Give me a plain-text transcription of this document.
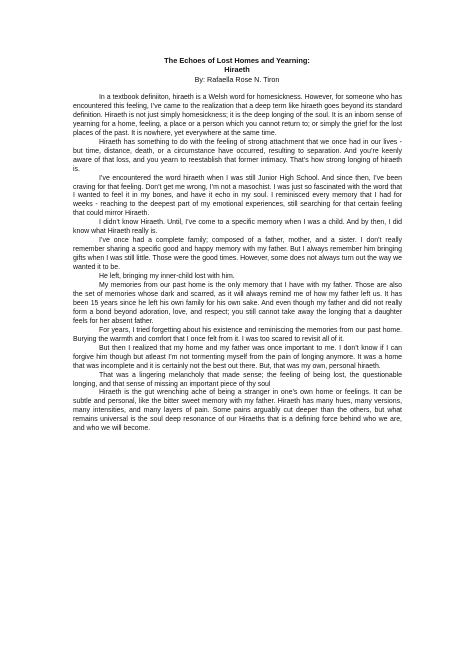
The Echoes of Lost Homes and Yearning:
Hiraeth

By: Rafaella Rose N. Tiron

In a textbook definiiton, hiraeth is a Welsh word for homesickness. However, for someone who has encountered this feeling, I’ve came to the realization that a deep term like hiraeth goes beyond its standard definition. Hiraeth is not just simply homesickness; it is the deep longing of the soul. It is an inborn sense of yearning for a home, feeling, a place or a person which you cannot return to; or simply the grief for the lost places of the past. It is nowhere, yet everywhere at the same time.

Hiraeth has something to do with the feeling of strong attachment that we once had in our lives - but time, distance, death, or a circumstance have occurred, resulting to separation. And you’re keenly aware of that loss, and you yearn to reestablish that former intimacy. That’s how strong longing of hiraeth is.

I’ve encountered the word hiraeth when I was still Junior High School. And since then, I’ve been craving for that feeling. Don’t get me wrong, I’m not a masochist. I was just so fascinated with the word that I wanted to feel it in my bones, and have it echo in my soul. I reminisced every memory that I had for weeks - reaching to the deepest part of my emotional experiences, still searching for that certain feeling that could mirror Hiraeth.

I didn’t know Hiraeth. Until, I’ve come to a specific memory when I was a child. And by then, I did know what Hiraeth really is.

I’ve once had a complete family; composed of a father, mother, and a sister. I don’t really remember sharing a specific good and happy memory with my father. But I always remember him bringing gifts when I was still little. Those were the good times. However, some does not always turn out the way we wanted it to be.

He left, bringing my inner-child lost with him.

My memories from our past home is the only memory that I have with my father. Those are also the set of memories whose dark and scarred, as it will always remind me of how my father left us. It has been 15 years since he left his own family for his own sake. And even though my father and did not really form a bond beyond adoration, love, and respect; you still cannot take away the longing that a daughter feels for her absent father.

For years, I tried forgetting about his existence and reminiscing the memories from our past home. Burying the warmth and comfort that I once felt from it. I was too scared to revisit all of it.

But then I realized that my home and my father was once important to me. I don’t know if I can forgive him though but atleast I’m not tormenting myself from the pain of longing anymore. It was a home that was incomplete and it is certainly not the best out there. But, that was my own, personal hiraeth.

That was a lingering melancholy that made sense; the feeling of being lost, the questionable longing, and that sense of missing an important piece of thy soul

Hiraeth is the gut wrenching ache of being a stranger in one’s own home or feelings. It can be subtle and personal, like the bitter sweet memory with my father. Hiraeth has many hues, many versions, many intensities, and many layers of pain. Some pains arguably cut deeper than the others, but what remains universal is the soul deep resonance of our Hiraeths that is a defining force behind who we are, and who we will become.
